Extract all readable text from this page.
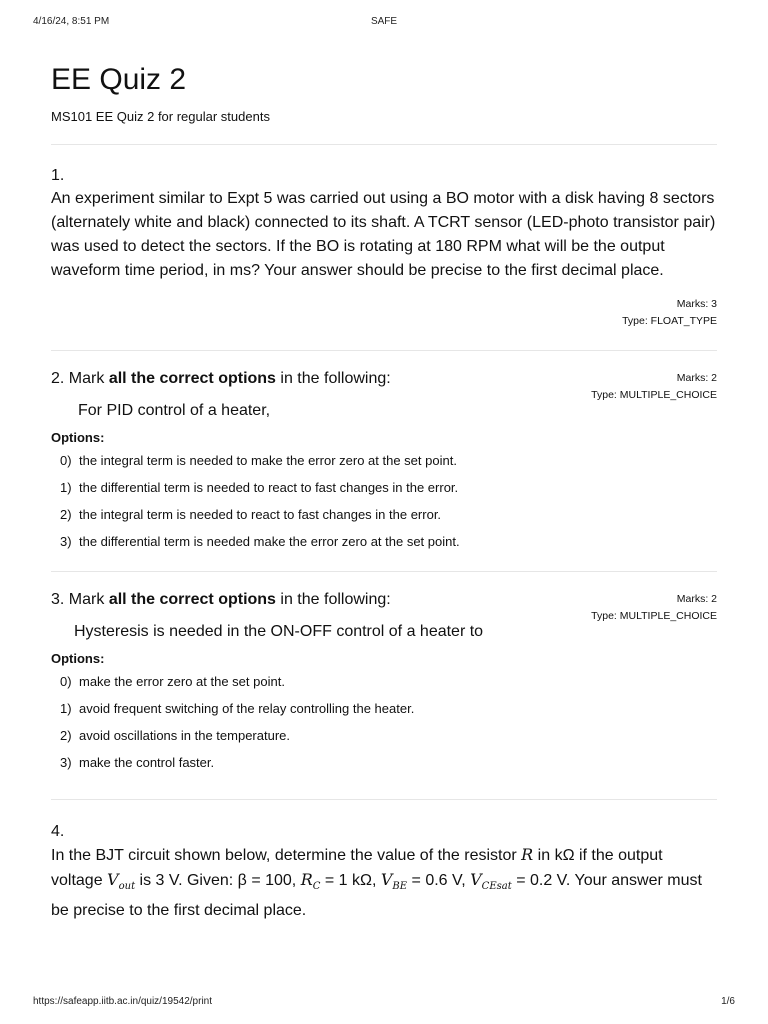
4/16/24, 8:51 PM	SAFE
EE Quiz 2
MS101 EE Quiz 2 for regular students
1.
An experiment similar to Expt 5 was carried out using a BO motor with a disk having 8 sectors (alternately white and black) connected to its shaft. A TCRT sensor (LED-photo transistor pair) was used to detect the sectors. If the BO is rotating at 180 RPM what will be the output waveform time period, in ms? Your answer should be precise to the first decimal place.
Marks: 3
Type: FLOAT_TYPE
Marks: 2
Type: MULTIPLE_CHOICE
2. Mark all the correct options in the following:
For PID control of a heater,
Options:
0) the integral term is needed to make the error zero at the set point.
1) the differential term is needed to react to fast changes in the error.
2) the integral term is needed to react to fast changes in the error.
3) the differential term is needed make the error zero at the set point.
Marks: 2
Type: MULTIPLE_CHOICE
3. Mark all the correct options in the following:
Hysteresis is needed in the ON-OFF control of a heater to
Options:
0) make the error zero at the set point.
1) avoid frequent switching of the relay controlling the heater.
2) avoid oscillations in the temperature.
3) make the control faster.
4.
In the BJT circuit shown below, determine the value of the resistor R in kΩ if the output voltage $V_{out}$ is 3 V. Given: β = 100, $R_C = 1$ kΩ, $V_{BE} = 0.6$ V, $V_{CEsat} = 0.2$ V. Your answer must be precise to the first decimal place.
https://safeapp.iitb.ac.in/quiz/19542/print	1/6
